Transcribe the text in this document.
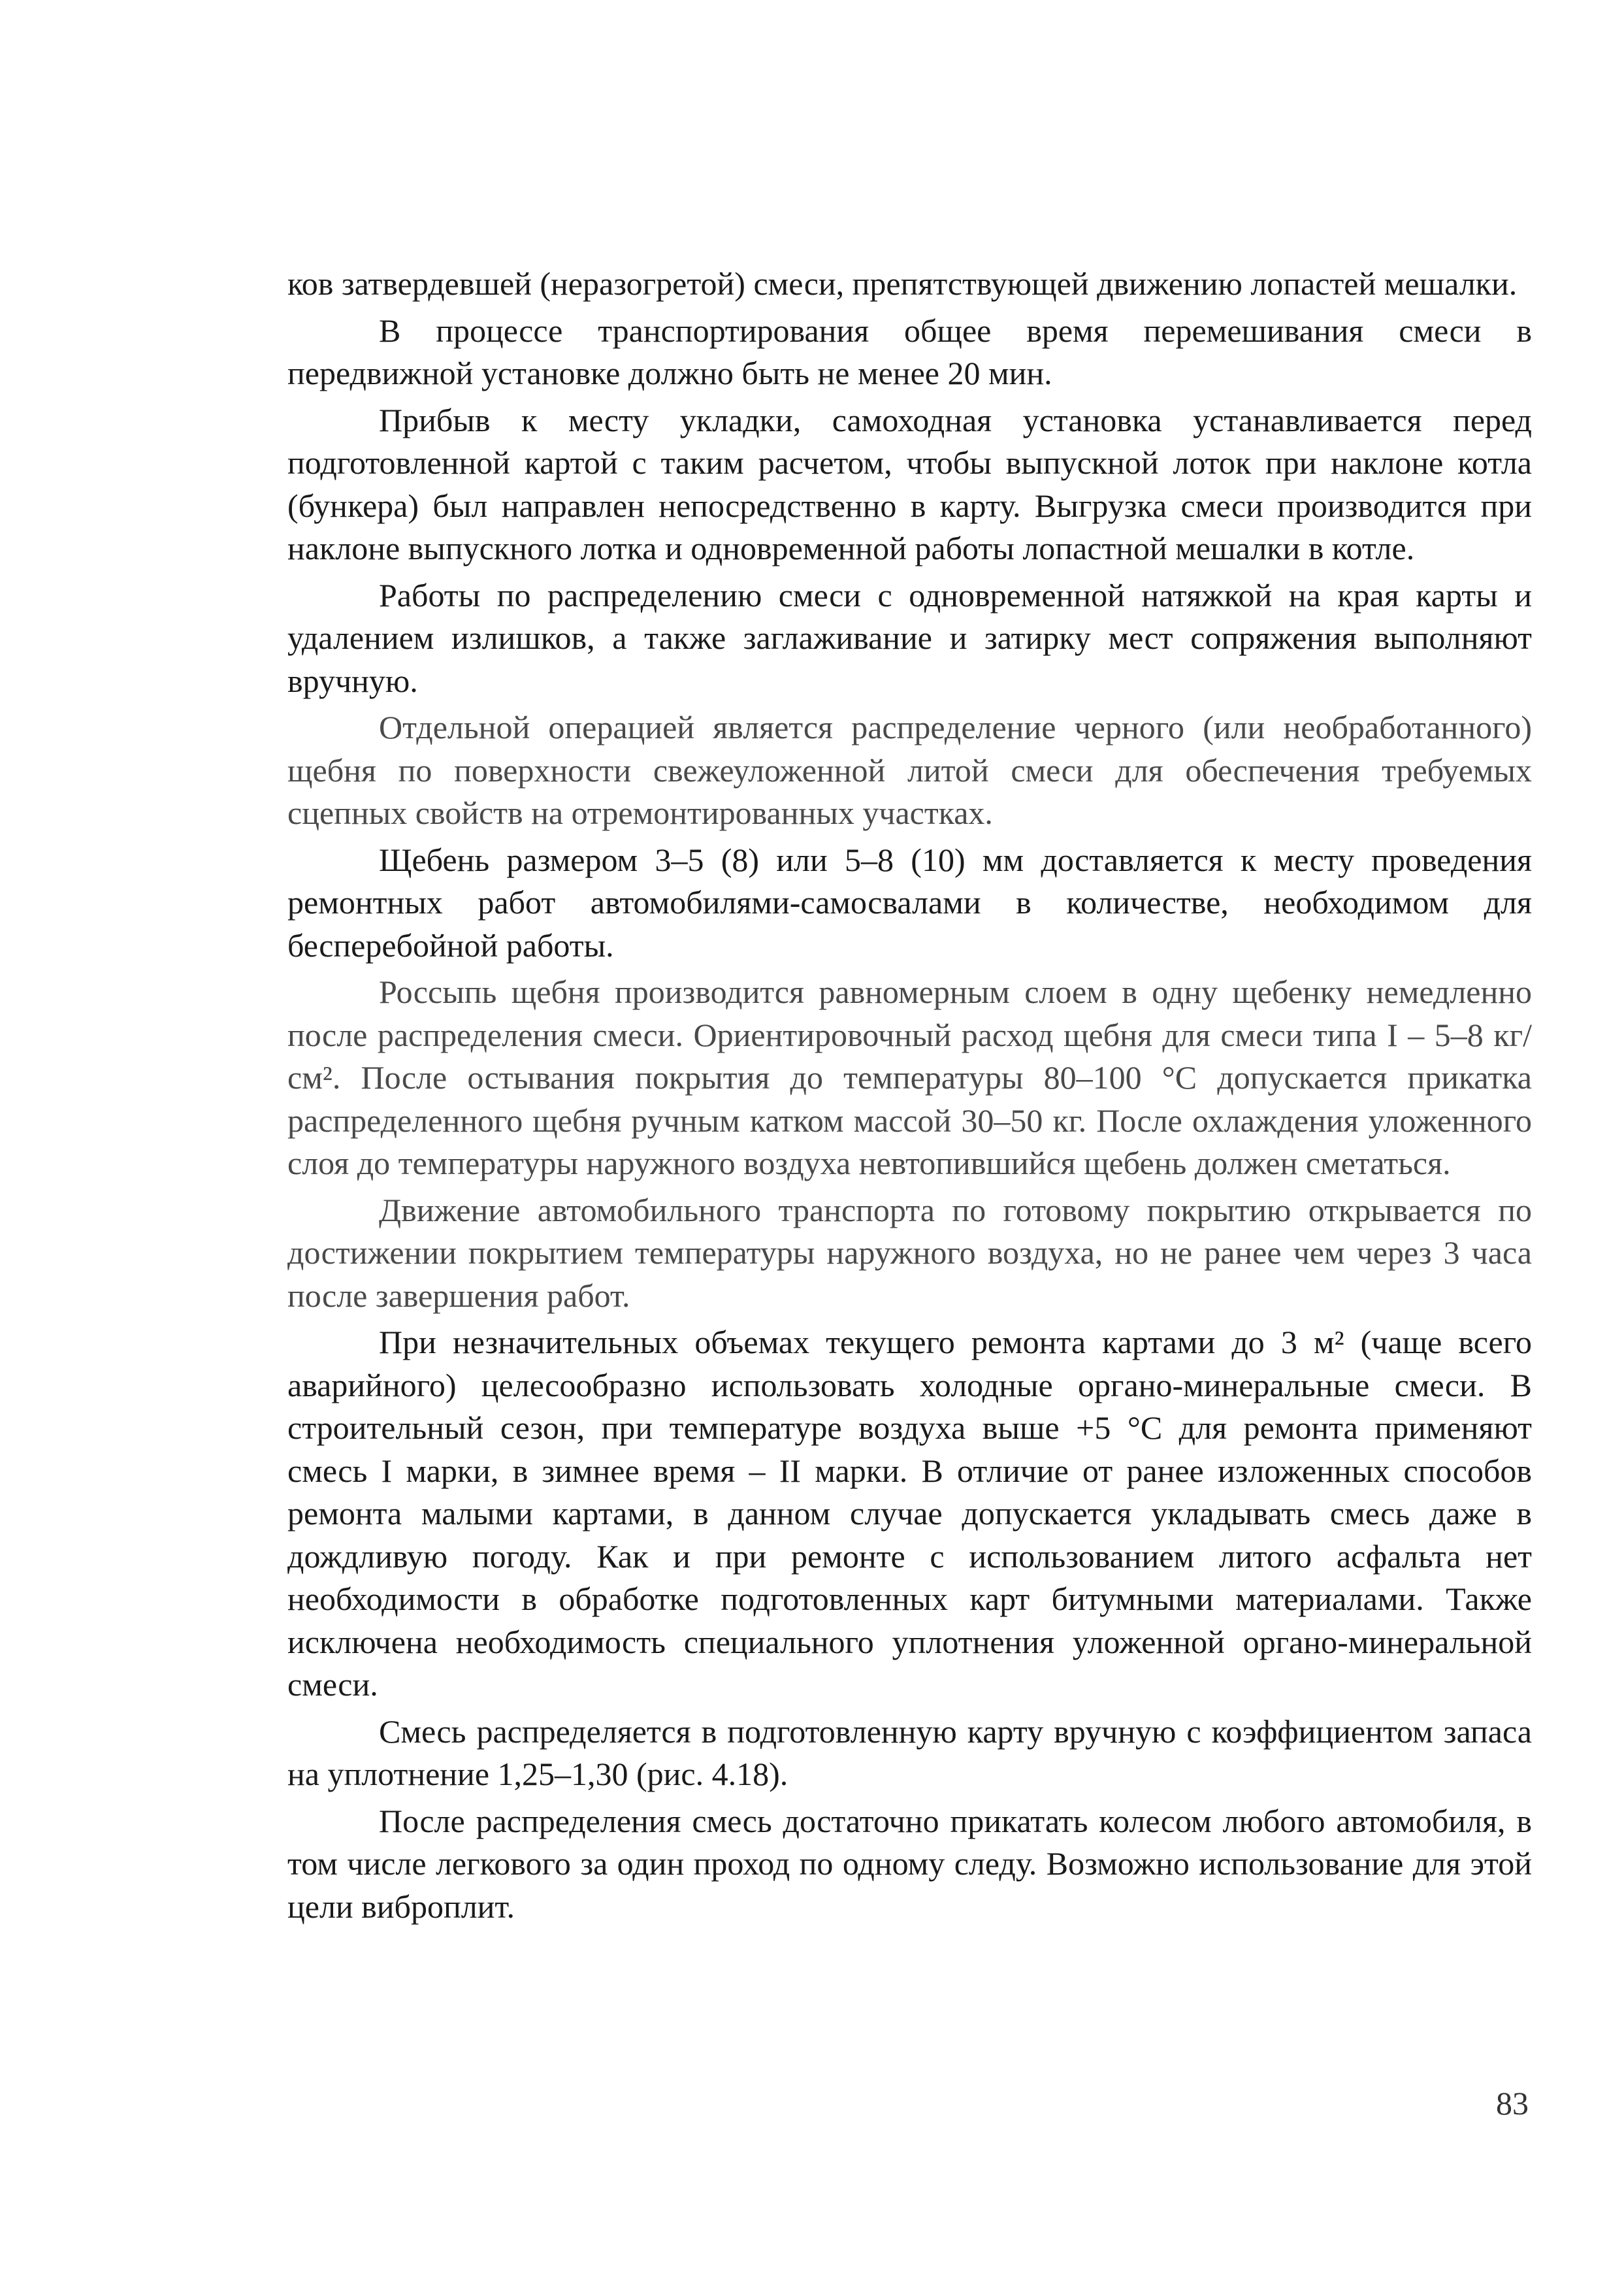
ков затвердевшей (неразогретой) смеси, препятствующей движению лопастей мешалки.

В процессе транспортирования общее время перемешивания смеси в передвижной установке должно быть не менее 20 мин.

Прибыв к месту укладки, самоходная установка устанавливается перед подготовленной картой с таким расчетом, чтобы выпускной лоток при наклоне котла (бункера) был направлен непосредственно в карту. Выгрузка смеси производится при наклоне выпускного лотка и одновременной работы лопастной мешалки в котле.

Работы по распределению смеси с одновременной натяжкой на края карты и удалением излишков, а также заглаживание и затирку мест сопряжения выполняют вручную.

Отдельной операцией является распределение черного (или необработанного) щебня по поверхности свежеуложенной литой смеси для обеспечения требуемых сцепных свойств на отремонтированных участках.

Щебень размером 3–5 (8) или 5–8 (10) мм доставляется к месту проведения ремонтных работ автомобилями-самосвалами в количестве, необходимом для бесперебойной работы.

Россыпь щебня производится равномерным слоем в одну щебенку немедленно после распределения смеси. Ориентировочный расход щебня для смеси типа I – 5–8 кг/см². После остывания покрытия до температуры 80–100 °С допускается прикатка распределенного щебня ручным катком массой 30–50 кг. После охлаждения уложенного слоя до температуры наружного воздуха невтопившийся щебень должен сметаться.

Движение автомобильного транспорта по готовому покрытию открывается по достижении покрытием температуры наружного воздуха, но не ранее чем через 3 часа после завершения работ.

При незначительных объемах текущего ремонта картами до 3 м² (чаще всего аварийного) целесообразно использовать холодные органо-минеральные смеси. В строительный сезон, при температуре воздуха выше +5 °С для ремонта применяют смесь I марки, в зимнее время – II марки. В отличие от ранее изложенных способов ремонта малыми картами, в данном случае допускается укладывать смесь даже в дождливую погоду. Как и при ремонте с использованием литого асфальта нет необходимости в обработке подготовленных карт битумными материалами. Также исключена необходимость специального уплотнения уложенной органо-минеральной смеси.

Смесь распределяется в подготовленную карту вручную с коэффициентом запаса на уплотнение 1,25–1,30 (рис. 4.18).

После распределения смесь достаточно прикатать колесом любого автомобиля, в том числе легкового за один проход по одному следу. Возможно использование для этой цели виброплит.

83
